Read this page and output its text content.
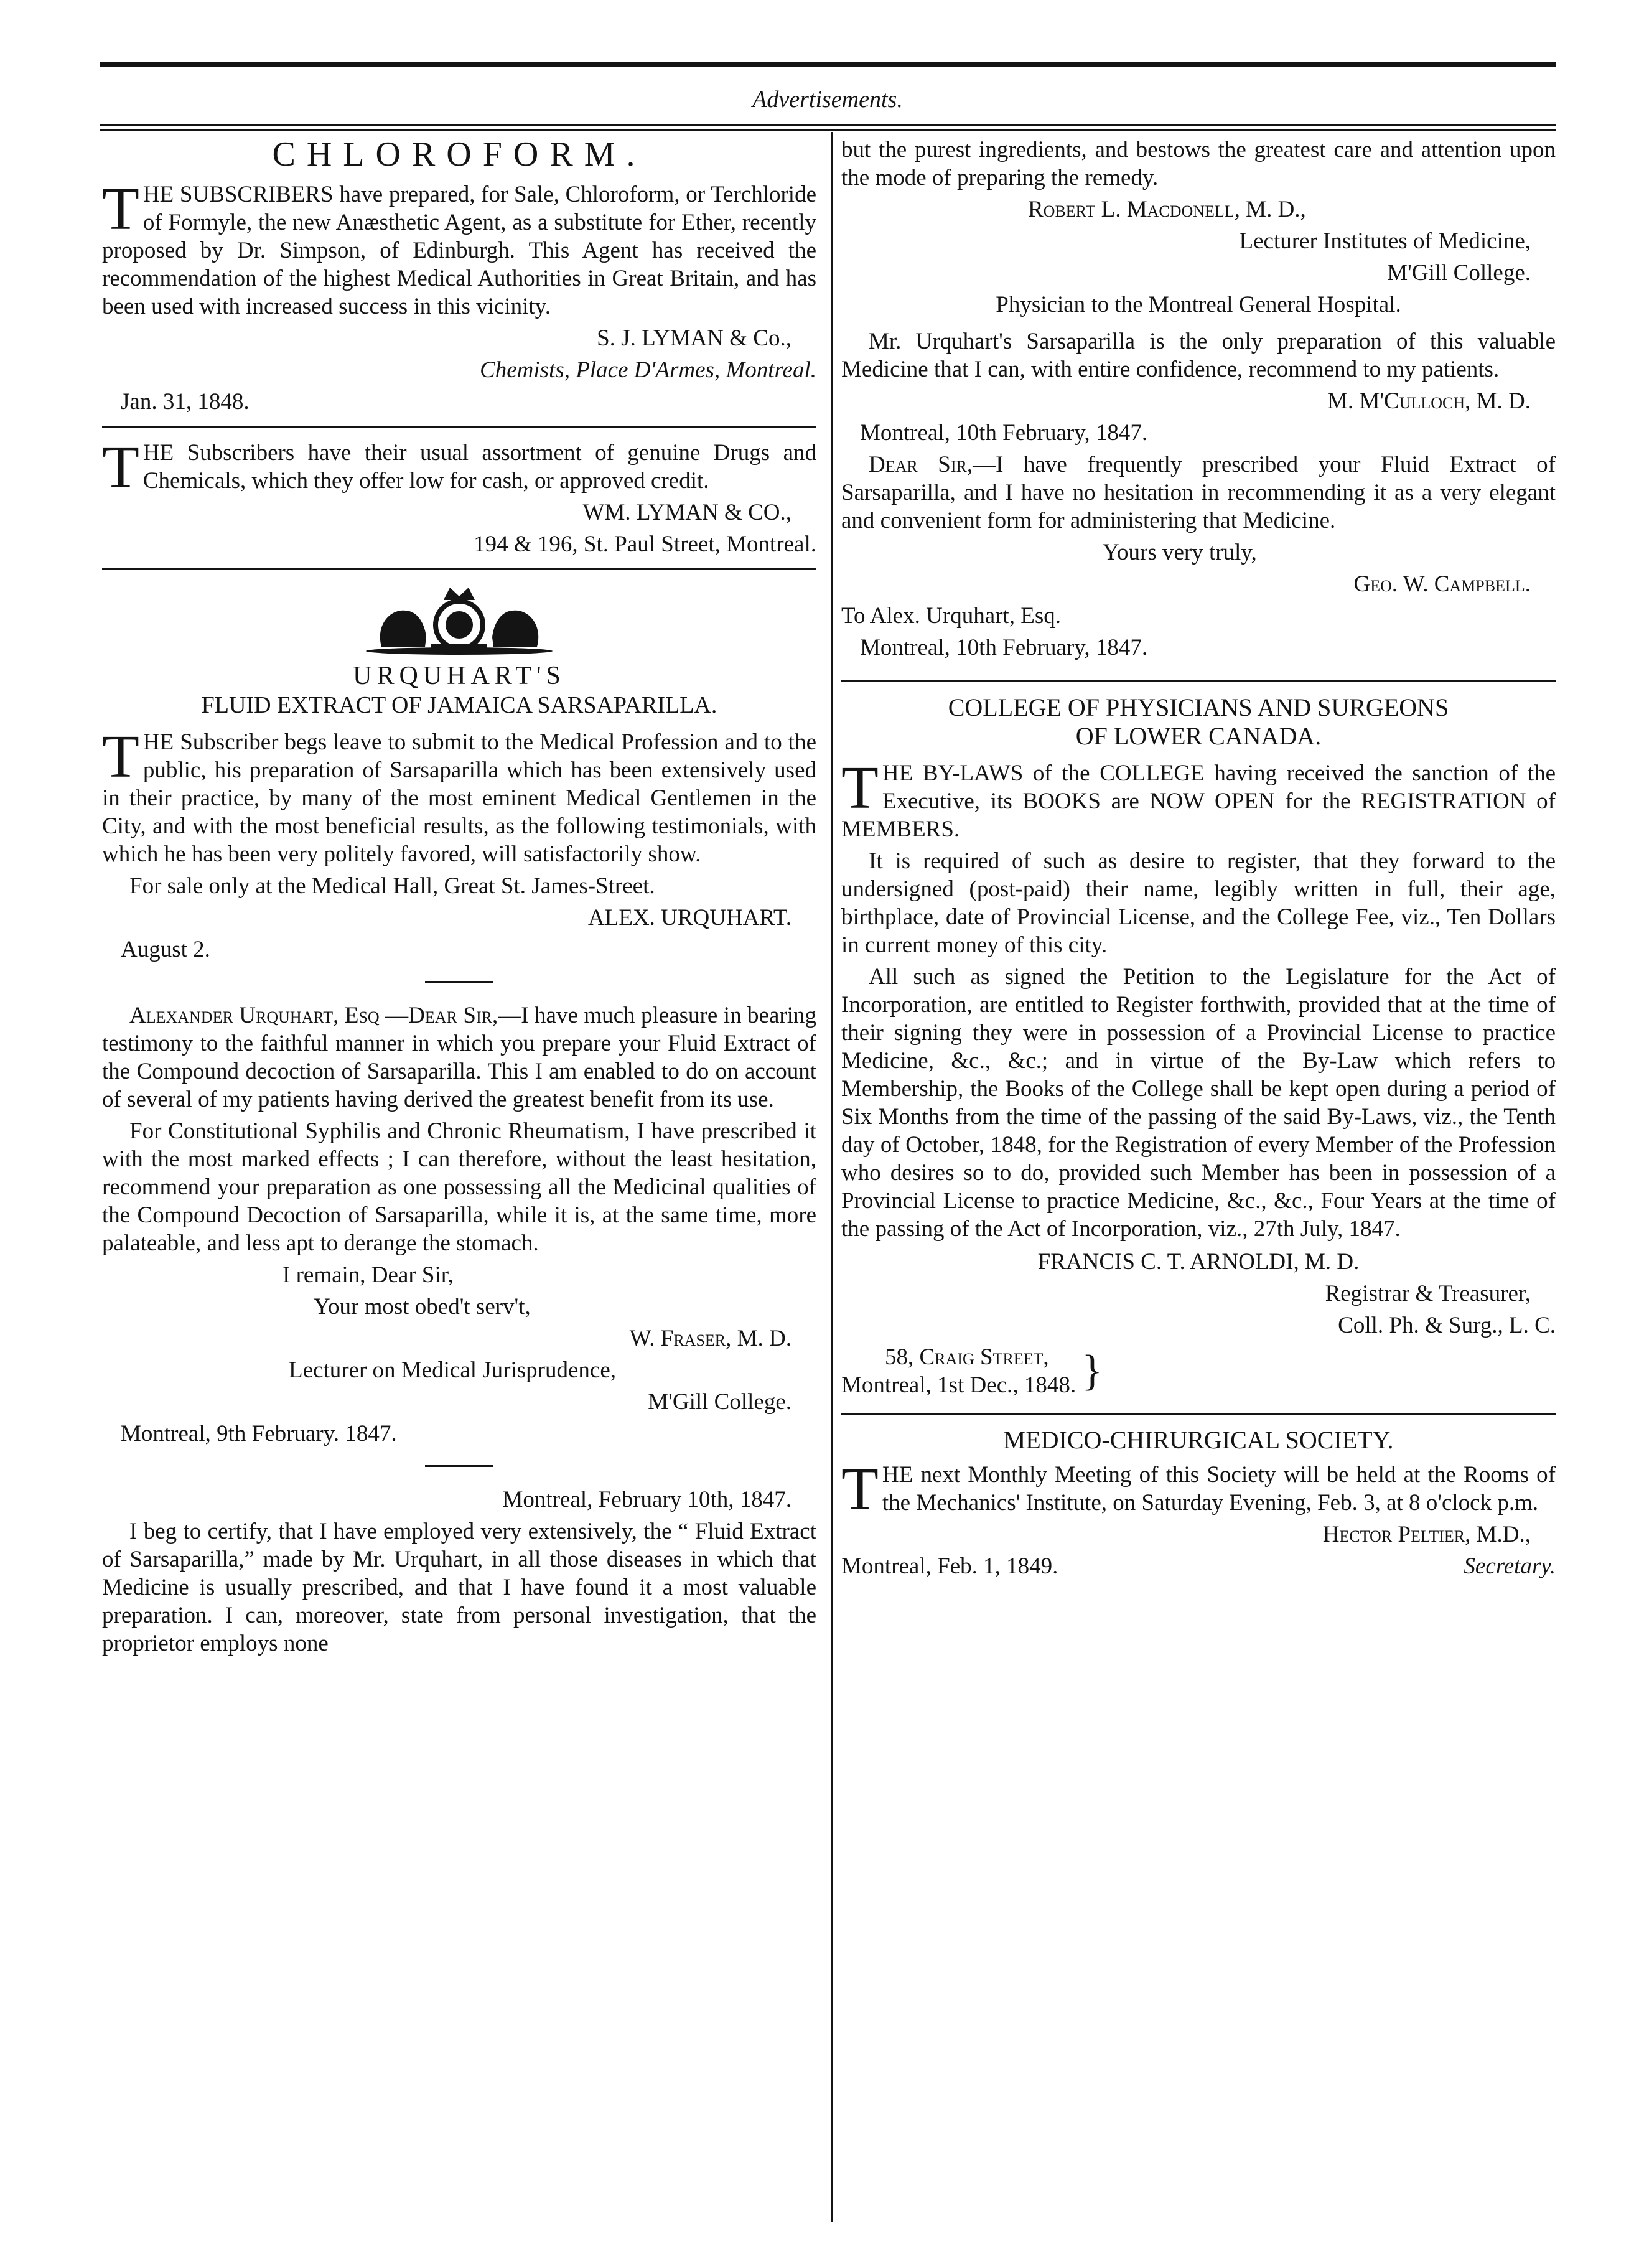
Advertisements.
CHLOROFORM.

THE SUBSCRIBERS have prepared, for Sale, Chloroform, or Terchloride of Formyle, the new Anæsthetic Agent, as a substitute for Ether, recently proposed by Dr. Simpson, of Edinburgh. This Agent has received the recommendation of the highest Medical Authorities in Great Britain, and has been used with increased success in this vicinity.

S. J. LYMAN & Co.,

Chemists, Place D'Armes, Montreal.

Jan. 31, 1848.

THE Subscribers have their usual assortment of genuine Drugs and Chemicals, which they offer low for cash, or approved credit.

WM. LYMAN & CO.,

194 & 196, St. Paul Street, Montreal.

URQUHART'S

FLUID EXTRACT OF JAMAICA SARSAPARILLA.

THE Subscriber begs leave to submit to the Medical Profession and to the public, his preparation of Sarsaparilla which has been extensively used in their practice, by many of the most eminent Medical Gentlemen in the City, and with the most beneficial results, as the following testimonials, with which he has been very politely favored, will satisfactorily show.

For sale only at the Medical Hall, Great St. James-Street.

ALEX. URQUHART.

August 2.

Alexander Urquhart, Esq —Dear Sir,—I have much pleasure in bearing testimony to the faithful manner in which you prepare your Fluid Extract of the Compound decoction of Sarsaparilla. This I am enabled to do on account of several of my patients having derived the greatest benefit from its use.

For Constitutional Syphilis and Chronic Rheumatism, I have prescribed it with the most marked effects ; I can therefore, without the least hesitation, recommend your preparation as one possessing all the Medicinal qualities of the Compound Decoction of Sarsaparilla, while it is, at the same time, more palateable, and less apt to derange the stomach.

I remain, Dear Sir,

Your most obed't serv't,

W. Fraser, M. D.

Lecturer on Medical Jurisprudence,

M'Gill College.

Montreal, 9th February. 1847.

Montreal, February 10th, 1847.

I beg to certify, that I have employed very extensively, the “ Fluid Extract of Sarsaparilla,” made by Mr. Urquhart, in all those diseases in which that Medicine is usually prescribed, and that I have found it a most valuable preparation. I can, moreover, state from personal investigation, that the proprietor employs none

but the purest ingredients, and bestows the greatest care and attention upon the mode of preparing the remedy.

Robert L. Macdonell, M. D.,

Lecturer Institutes of Medicine,

M'Gill College.

Physician to the Montreal General Hospital.

Mr. Urquhart's Sarsaparilla is the only preparation of this valuable Medicine that I can, with entire confidence, recommend to my patients.

M. M'Culloch, M. D.

Montreal, 10th February, 1847.

Dear Sir,—I have frequently prescribed your Fluid Extract of Sarsaparilla, and I have no hesitation in recommending it as a very elegant and convenient form for administering that Medicine.

Yours very truly,

Geo. W. Campbell.

To Alex. Urquhart, Esq.

Montreal, 10th February, 1847.

COLLEGE OF PHYSICIANS AND SURGEONS

OF LOWER CANADA.

THE BY-LAWS of the COLLEGE having received the sanction of the Executive, its BOOKS are NOW OPEN for the REGISTRATION of MEMBERS.

It is required of such as desire to register, that they forward to the undersigned (post-paid) their name, legibly written in full, their age, birthplace, date of Provincial License, and the College Fee, viz., Ten Dollars in current money of this city.

All such as signed the Petition to the Legislature for the Act of Incorporation, are entitled to Register forthwith, provided that at the time of their signing they were in possession of a Provincial License to practice Medicine, &c., &c.; and in virtue of the By-Law which refers to Membership, the Books of the College shall be kept open during a period of Six Months from the time of the passing of the said By-Laws, viz., the Tenth day of October, 1848, for the Registration of every Member of the Profession who desires so to do, provided such Member has been in possession of a Provincial License to practice Medicine, &c., &c., Four Years at the time of the passing of the Act of Incorporation, viz., 27th July, 1847.

FRANCIS C. T. ARNOLDI, M. D.

Registrar & Treasurer,

Coll. Ph. & Surg., L. C.

58, Craig Street,
Montreal, 1st Dec., 1848. }

MEDICO-CHIRURGICAL SOCIETY.

THE next Monthly Meeting of this Society will be held at the Rooms of the Mechanics' Institute, on Saturday Evening, Feb. 3, at 8 o'clock p.m.

Hector Peltier, M.D.,

Montreal, Feb. 1, 1849.	Secretary.
